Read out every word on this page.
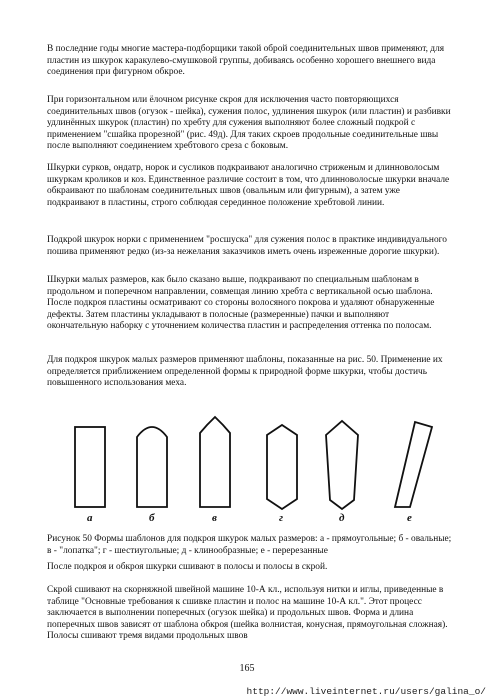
В последние годы многие мастера-подборщики такой оброй соединительных швов применяют, для пластин из шкурок каракулево-смушковой группы, добиваясь особенно хорошего внешнего вида соединения при фигурном обкрое.

При горизонтальном или ёлочном рисунке скроя для исключения часто повторяющихся соединительных швов (огузок - шейка), сужения полос, удлинения шкурок (или пластин) и разбивки удлинённых шкурок (пластин) по хребту для сужения выполняют более сложный подкрой с применением "сшайка прорезной" (рис. 49д). Для таких скроев продольные соединительные швы после выполняют соединением хребтового среза с боковым.

Шкурки сурков, ондатр, норок и сусликов подкраивают аналогично стриженым и длинноволосым шкуркам кроликов и коз. Единственное различие состоит в том, что длинноволосые шкурки вначале обкраивают по шаблонам соединительных швов (овальным или фигурным), а затем уже подкраивают в пластины, строго соблюдая серединное положение хребтовой линии.

Подкрой шкурок норки с применением "росшуска" для сужения полос в практике индивидуального пошива применяют редко (из-за нежелания заказчиков иметь очень изреженные дорогие шкурки).

Шкурки малых размеров, как было сказано выше, подкраивают по специальным шаблонам в продольном и поперечном направлении, совмещая линию хребта с вертикальной осью шаблона. После подкроя пластины осматривают со стороны волосяного покрова и удаляют обнаруженные дефекты. Затем пластины укладывают в полосные (размеренные) пачки и выполняют окончательную наборку с уточнением количества пластин и распределения оттенка по полосам.

Для подкроя шкурок малых размеров применяют шаблоны, показанные на рис. 50. Применение их определяется приближением определенной формы к природной форме шкурки, чтобы достичь повышенного использования меха.

а	б	в	г	д	е

Рисунок 50 Формы шаблонов для подкроя шкурок малых размеров: а - прямоугольные; б - овальные; в - "лопатка"; г - шестиугольные; д - клинообразные; е - перерезанные

После подкроя и обкроя шкурки сшивают в полосы и полосы в скрой.

Скрой сшивают на скорняжной швейной машине 10-А кл., используя нитки и иглы, приведенные в таблице "Основные требования к сшивке пластин и полос на машине 10-А кл.". Этот процесс заключается в выполнении поперечных (огузок шейка) и продольных швов. Форма и длина поперечных швов зависят от шаблона обкроя (шейка волнистая, конусная, прямоугольная сложная). Полосы сшивают тремя видами продольных швов

165
http://www.liveinternet.ru/users/galina_o/
